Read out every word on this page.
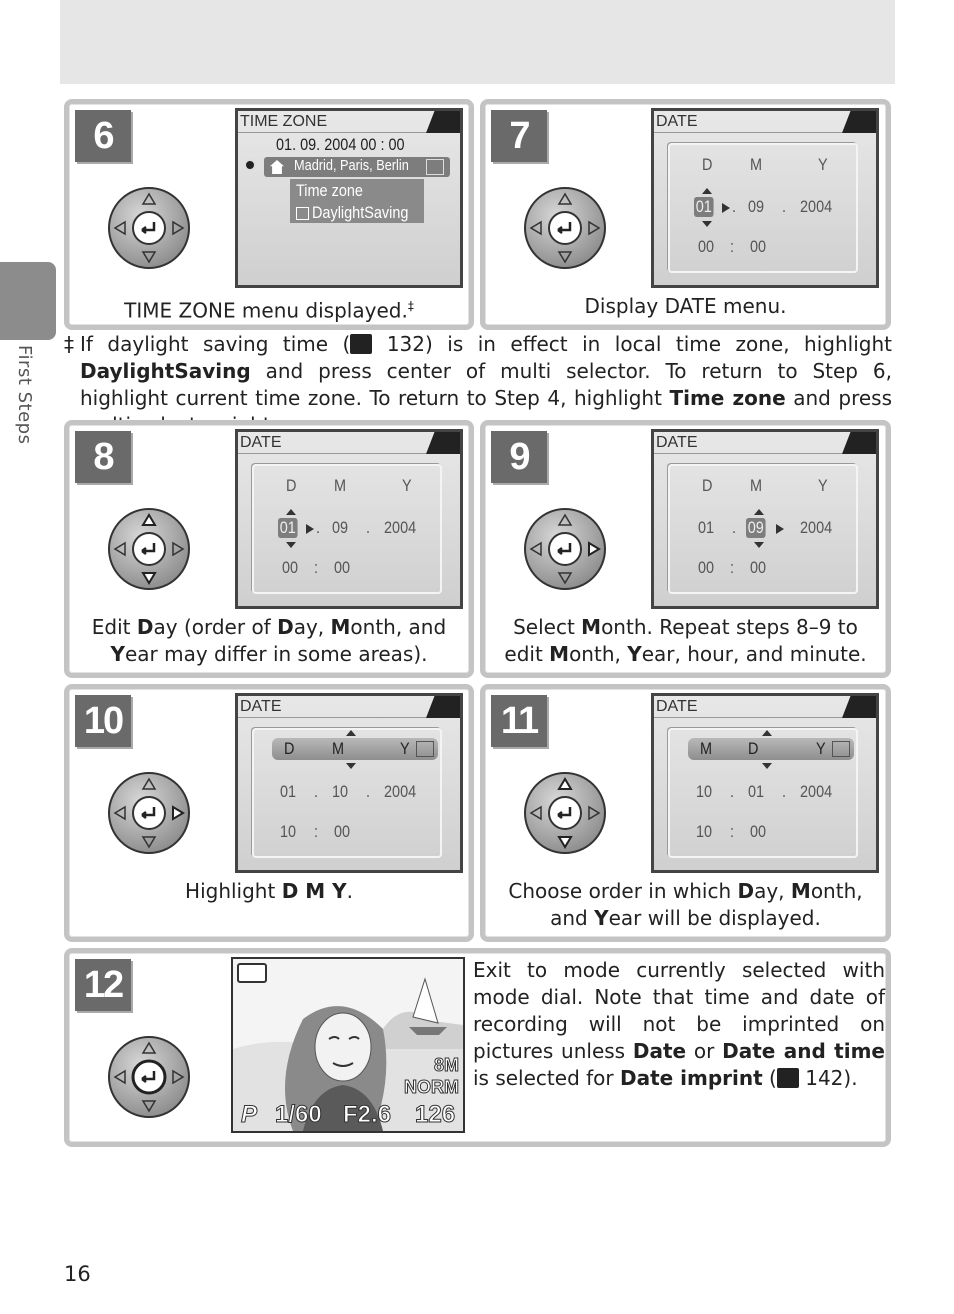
First Steps
6	TIME ZONE
01. 09. 2004 00 : 00
Madrid, Paris, Berlin
Time zone
DaylightSaving
TIME ZONE menu displayed.‡
7	DATE
D M	Y
01 . 09 . 2004
00 : 00
Display DATE menu.
‡ If daylight saving time ( 132) is in effect in local time zone, highlight DaylightSaving and press center of multi selector. To return to Step 6, highlight current time zone. To return to Step 4, highlight Time zone and press
8	DATE
D M	Y
01 . 09 . 2004
00 : 00
Edit Day (order of Day, Month, and Year may differ in some areas).
9	DATE
D M	Y
01 . 09 2004
00 : 00
Select Month. Repeat steps 8–9 to edit Month, Year, hour, and minute.
10	DATE
D M	Y
01 . 10 . 2004
10 : 00
Highlight D M Y.
11	DATE
M D	Y
10 . 01 . 2004
10 : 00
Choose order in which Day, Month, and Year will be displayed.
12
8M
NORM
P 1/60 F2.6 126
Exit to mode currently selected with mode dial. Note that time and date of recording will not be imprinted on pictures unless Date or Date and time is selected for Date imprint ( 142).
16
